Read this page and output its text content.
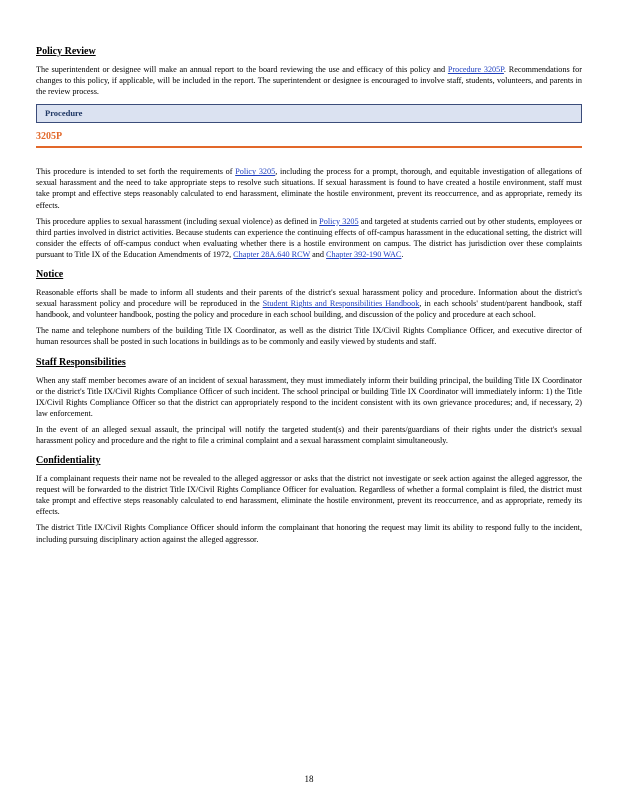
Policy Review

The superintendent or designee will make an annual report to the board reviewing the use and efficacy of this policy and Procedure 3205P. Recommendations for changes to this policy, if applicable, will be included in the report. The superintendent or designee is encouraged to involve staff, students, volunteers, and parents in the review process.

Procedure
3205P

This procedure is intended to set forth the requirements of Policy 3205, including the process for a prompt, thorough, and equitable investigation of allegations of sexual harassment and the need to take appropriate steps to resolve such situations. If sexual harassment is found to have created a hostile environment, staff must take prompt and effective steps reasonably calculated to end harassment, eliminate the hostile environment, prevent its reoccurrence, and as appropriate, remedy its effects.

This procedure applies to sexual harassment (including sexual violence) as defined in Policy 3205 and targeted at students carried out by other students, employees or third parties involved in district activities. Because students can experience the continuing effects of off-campus harassment in the educational setting, the district will consider the effects of off-campus conduct when evaluating whether there is a hostile environment on campus. The district has jurisdiction over these complaints pursuant to Title IX of the Education Amendments of 1972, Chapter 28A.640 RCW and Chapter 392-190 WAC.

Notice

Reasonable efforts shall be made to inform all students and their parents of the district's sexual harassment policy and procedure. Information about the district's sexual harassment policy and procedure will be reproduced in the Student Rights and Responsibilities Handbook, in each schools' student/parent handbook, staff handbook, and volunteer handbook, posting the policy and procedure in each school building, and discussion of the policy and procedure at each school.

The name and telephone numbers of the building Title IX Coordinator, as well as the district Title IX/Civil Rights Compliance Officer, and executive director of human resources shall be posted in such locations in buildings as to be commonly and easily viewed by students and staff.

Staff Responsibilities

When any staff member becomes aware of an incident of sexual harassment, they must immediately inform their building principal, the building Title IX Coordinator or the district's Title IX/Civil Rights Compliance Officer of such incident. The school principal or building Title IX Coordinator will immediately inform: 1) the Title IX/Civil Rights Compliance Officer so that the district can appropriately respond to the incident consistent with its own grievance procedures; and, if necessary, 2) law enforcement.

In the event of an alleged sexual assault, the principal will notify the targeted student(s) and their parents/guardians of their rights under the district's sexual harassment policy and procedure and the right to file a criminal complaint and a sexual harassment complaint simultaneously.

Confidentiality

If a complainant requests their name not be revealed to the alleged aggressor or asks that the district not investigate or seek action against the alleged aggressor, the request will be forwarded to the district Title IX/Civil Rights Compliance Officer for evaluation. Regardless of whether a formal complaint is filed, the district must take prompt and effective steps reasonably calculated to end harassment, eliminate the hostile environment, prevent its reoccurrence, and as appropriate, remedy its effects.

The district Title IX/Civil Rights Compliance Officer should inform the complainant that honoring the request may limit its ability to respond fully to the incident, including pursuing disciplinary action against the alleged aggressor.

18
